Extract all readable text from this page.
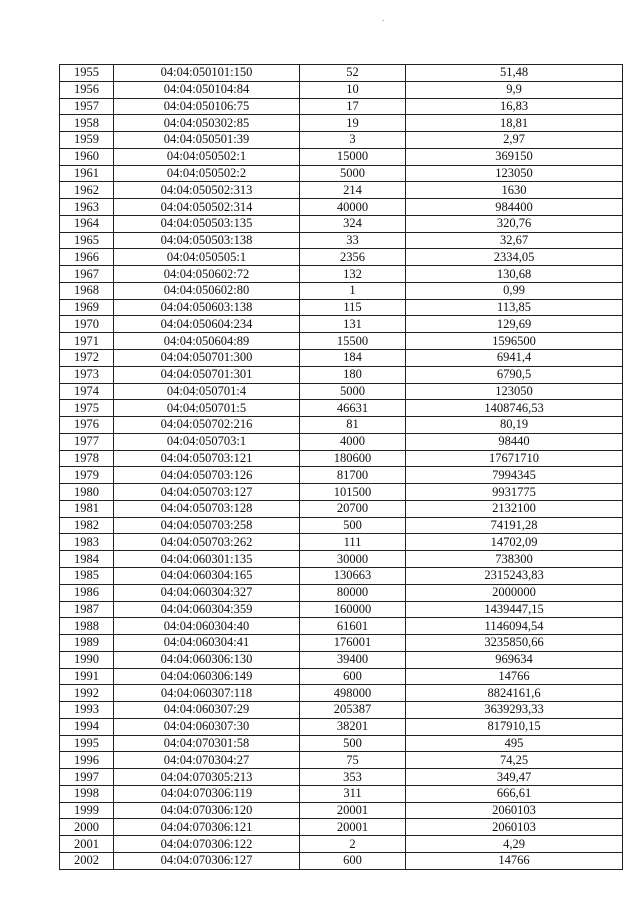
1955	04:04:050101:150	52	51,48
1956	04:04:050104:84	10	9,9
1957	04:04:050106:75	17	16,83
1958	04:04:050302:85	19	18,81
1959	04:04:050501:39	3	2,97
1960	04:04:050502:1	15000	369150
1961	04:04:050502:2	5000	123050
1962	04:04:050502:313	214	1630
1963	04:04:050502:314	40000	984400
1964	04:04:050503:135	324	320,76
1965	04:04:050503:138	33	32,67
1966	04:04:050505:1	2356	2334,05
1967	04:04:050602:72	132	130,68
1968	04:04:050602:80	1	0,99
1969	04:04:050603:138	115	113,85
1970	04:04:050604:234	131	129,69
1971	04:04:050604:89	15500	1596500
1972	04:04:050701:300	184	6941,4
1973	04:04:050701:301	180	6790,5
1974	04:04:050701:4	5000	123050
1975	04:04:050701:5	46631	1408746,53
1976	04:04:050702:216	81	80,19
1977	04:04:050703:1	4000	98440
1978	04:04:050703:121	180600	17671710
1979	04:04:050703:126	81700	7994345
1980	04:04:050703:127	101500	9931775
1981	04:04:050703:128	20700	2132100
1982	04:04:050703:258	500	74191,28
1983	04:04:050703:262	111	14702,09
1984	04:04:060301:135	30000	738300
1985	04:04:060304:165	130663	2315243,83
1986	04:04:060304:327	80000	2000000
1987	04:04:060304:359	160000	1439447,15
1988	04:04:060304:40	61601	1146094,54
1989	04:04:060304:41	176001	3235850,66
1990	04:04:060306:130	39400	969634
1991	04:04:060306:149	600	14766
1992	04:04:060307:118	498000	8824161,6
1993	04:04:060307:29	205387	3639293,33
1994	04:04:060307:30	38201	817910,15
1995	04:04:070301:58	500	495
1996	04:04:070304:27	75	74,25
1997	04:04:070305:213	353	349,47
1998	04:04:070306:119	311	666,61
1999	04:04:070306:120	20001	2060103
2000	04:04:070306:121	20001	2060103
2001	04:04:070306:122	2	4,29
2002	04:04:070306:127	600	14766
